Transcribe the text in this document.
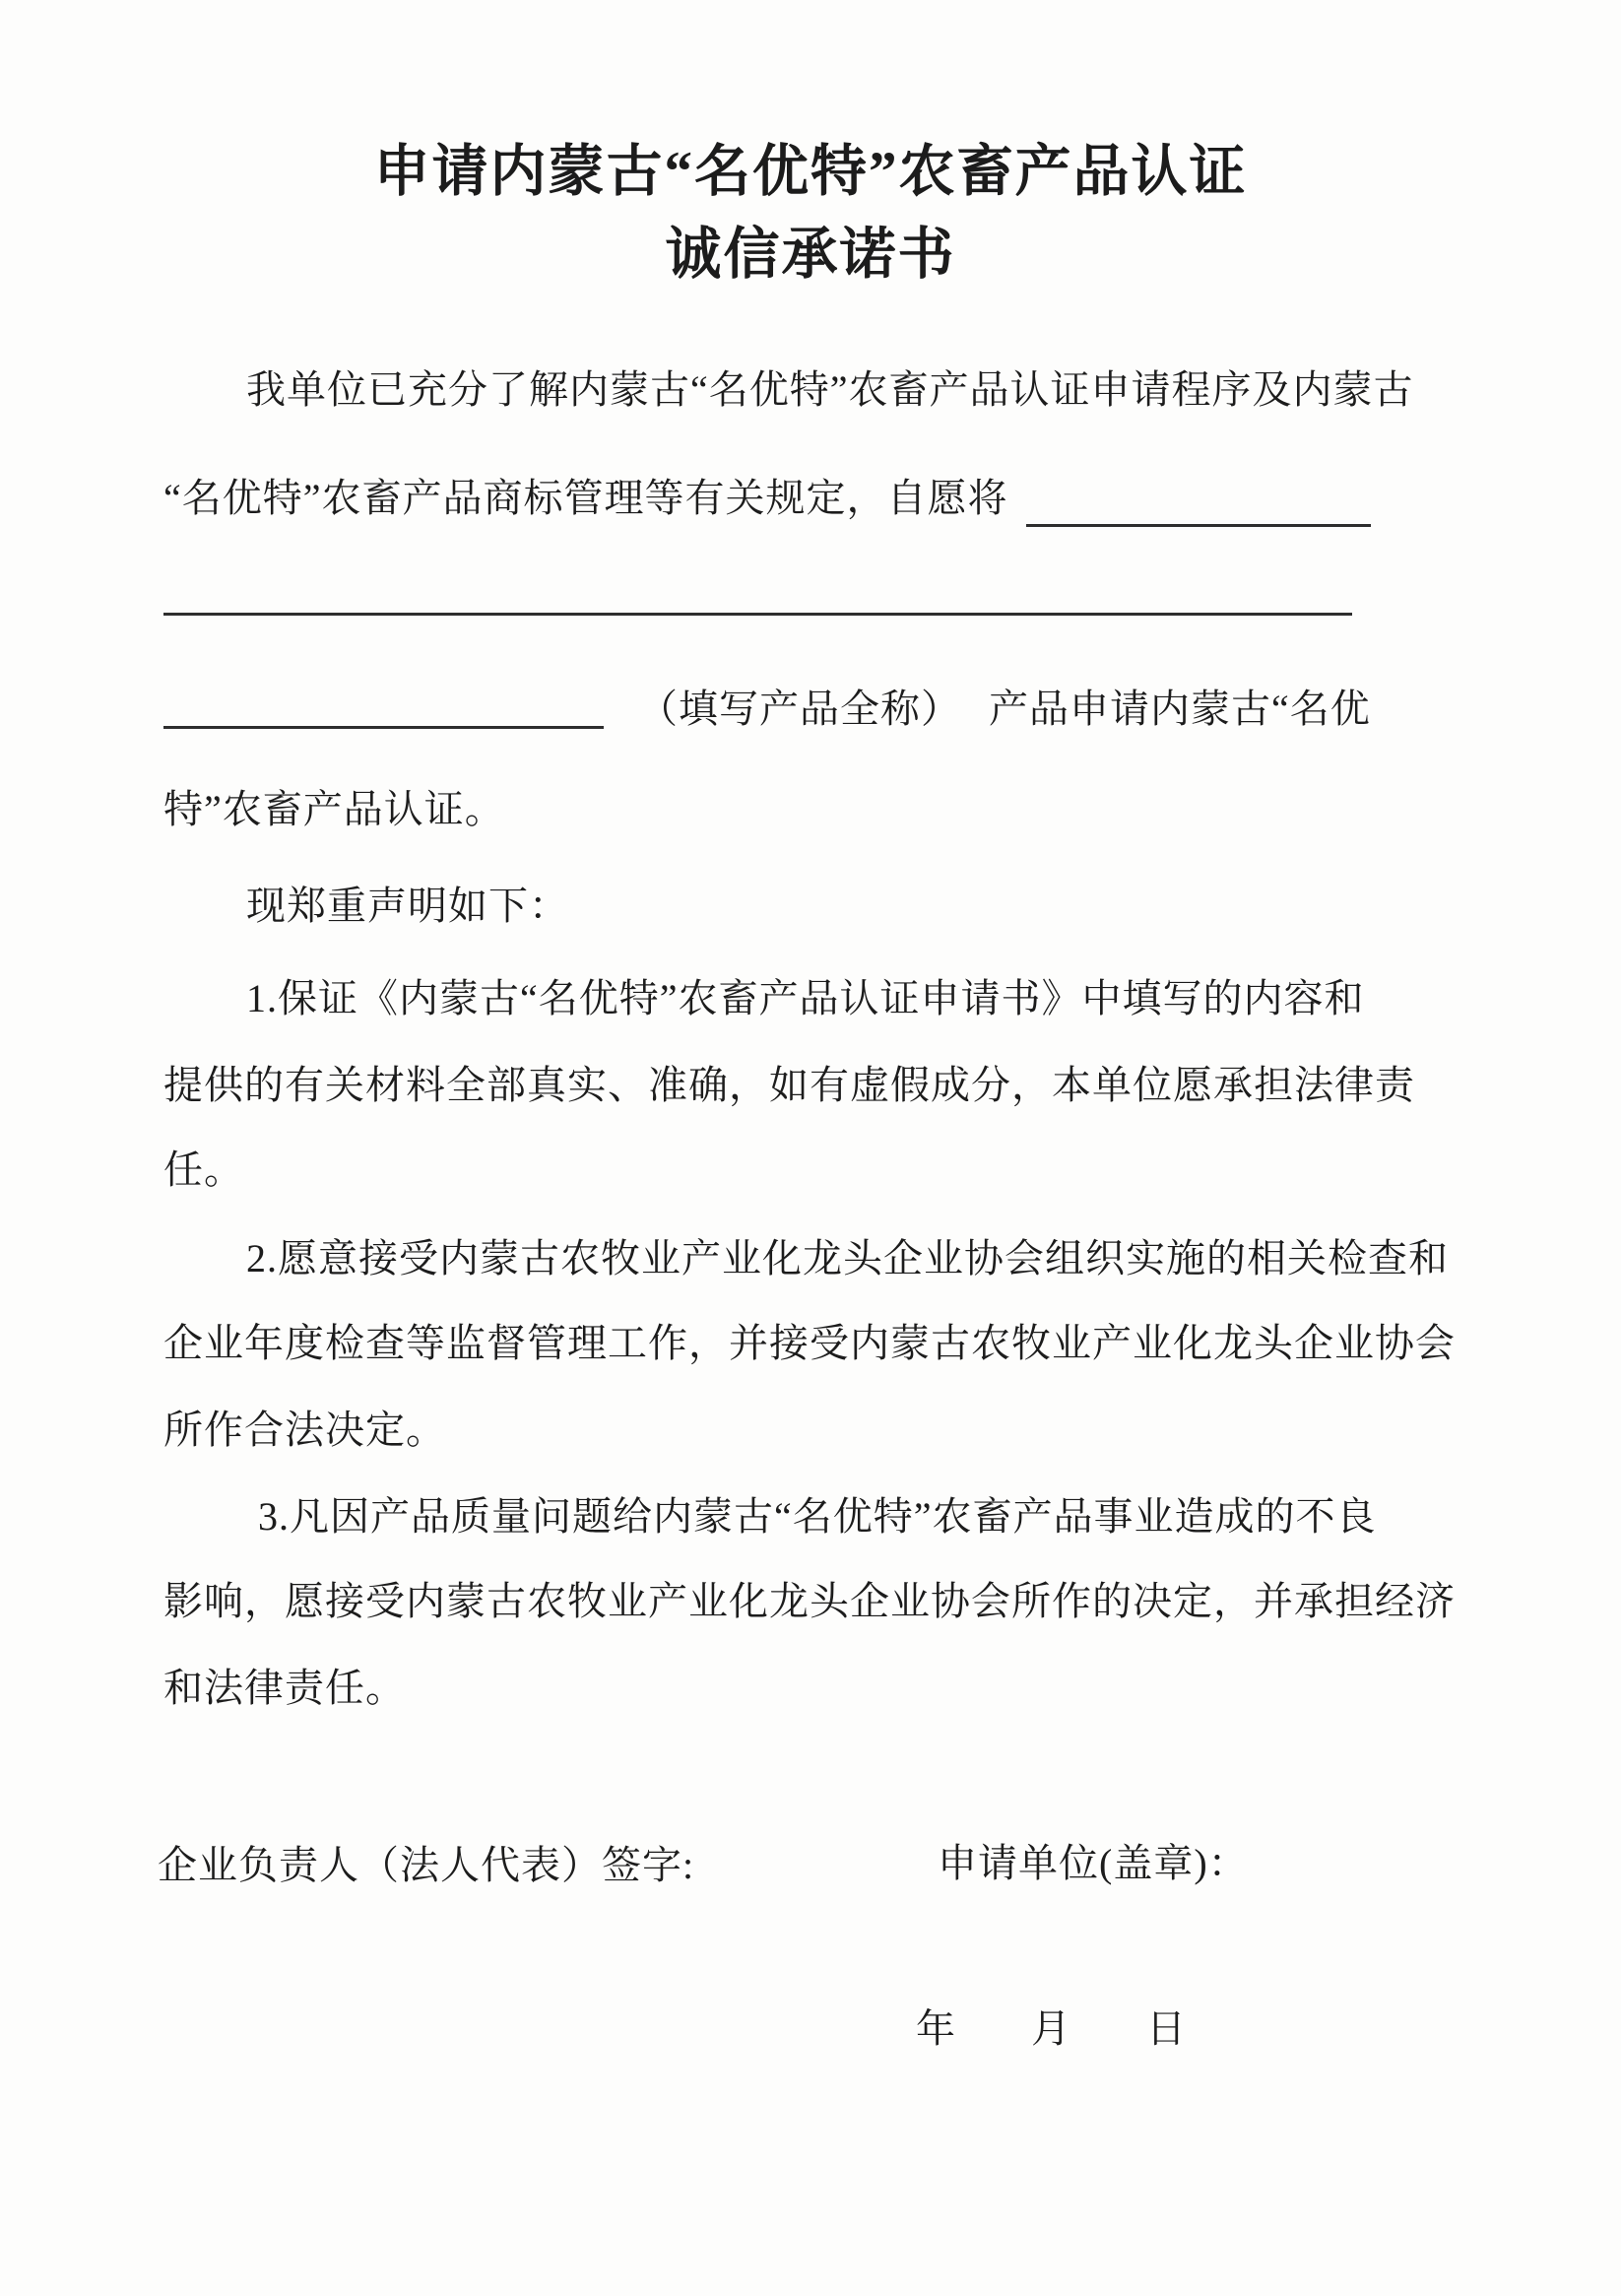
申请内蒙古“名优特”农畜产品认证
诚信承诺书
我单位已充分了解内蒙古“名优特”农畜产品认证申请程序及内蒙古
“名优特”农畜产品商标管理等有关规定，自愿将
（填写产品全称） 产品申请内蒙古“名优
特”农畜产品认证。
现郑重声明如下：
1.保证《内蒙古“名优特”农畜产品认证申请书》中填写的内容和
提供的有关材料全部真实、准确，如有虚假成分，本单位愿承担法律责
任。
2.愿意接受内蒙古农牧业产业化龙头企业协会组织实施的相关检查和
企业年度检查等监督管理工作，并接受内蒙古农牧业产业化龙头企业协会
所作合法决定。
3.凡因产品质量问题给内蒙古“名优特”农畜产品事业造成的不良
影响，愿接受内蒙古农牧业产业化龙头企业协会所作的决定，并承担经济
和法律责任。
企业负责人（法人代表）签字:	申请单位(盖章)：
年 月 日
